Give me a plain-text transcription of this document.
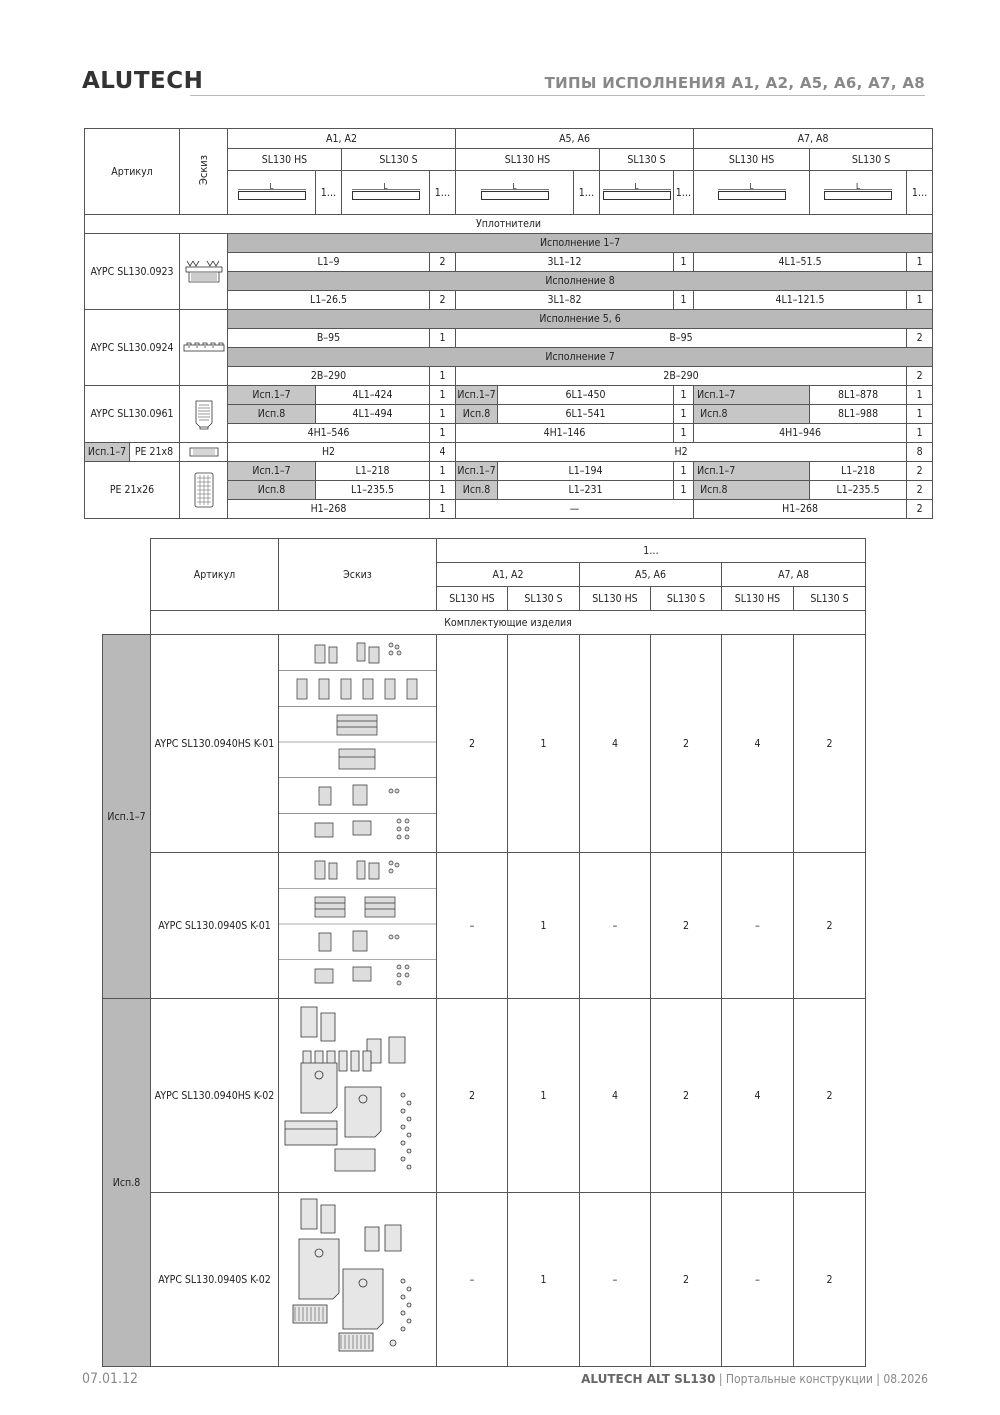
ALUTECH	ТИПЫ ИСПОЛНЕНИЯ A1, A2, A5, A6, A7, A8
Артикул	Эскиз	A1, A2				A5, A6					A7, A8		
		SL130 HS		SL130 S		SL130 HS			SL130 S		SL130 HS	SL130 S	

		L	1…	L	1…	L		1…	L	1…	L	L	1…
Уплотнители													
AYPC SL130.0923		Исполнение 1–7											
		L1–9			2	3L1–12				1	4L1–51.5		1
		Исполнение 8											
		L1–26.5			2	3L1–82				1	4L1–121.5		1
AYPC SL130.0924		Исполнение 5, 6											
		B–95			1	B–95							2
		Исполнение 7											
		2B–290			1	2B–290							2
AYPC SL130.0961		Исп.1–7	4L1–424		1	Исп.1–7	6L1–450			1	Исп.1–7	8L1–878	1
		Исп.8	4L1–494		1	Исп.8	6L1–541			1	Исп.8	8L1–988	1
		4H1–546			1	4H1–146				1	4H1–946		1
Исп.1–7 PE 21x8		H2			4	H2							8
PE 21x26		Исп.1–7	L1–218		1	Исп.1–7	L1–194			1	Исп.1–7	L1–218	2
		Исп.8	L1–235.5		1	Исп.8	L1–231			1	Исп.8	L1–235.5	2
		H1–268			1	—					H1–268		2
	Артикул	Эскиз	1…					
			A1, A2		A5, A6		A7, A8	
			SL130 HS	SL130 S	SL130 HS	SL130 S	SL130 HS	SL130 S
	Комплектующие изделия							
Исп.1–7	AYPC SL130.0940HS K-01		2	1	4	2	4	2
	AYPC SL130.0940S K-01		–	1	–	2	–	2
Исп.8	AYPC SL130.0940HS K-02		2	1	4	2	4	2
	AYPC SL130.0940S K-02		–	1	–	2	–	2
07.01.12	ALUTECH ALT SL130 | Портальные конструкции | 08.2026
